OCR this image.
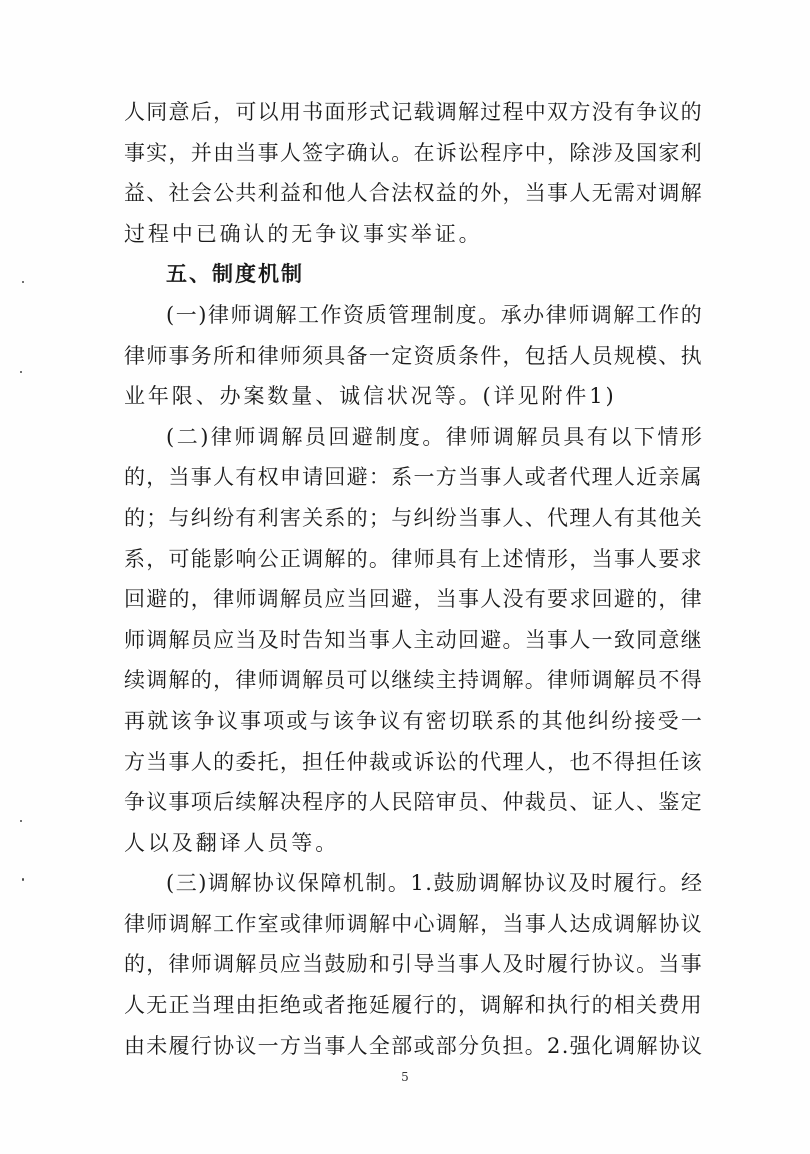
人 同 意 后 ， 可 以 用 书 面 形 式 记 载 调 解 过 程 中 双 方 没 有 争 议 的
事 实 ， 并 由 当 事 人 签 字 确 认 。 在 诉 讼 程 序 中 ， 除 涉 及 国 家 利
益 、 社 会 公 共 利 益 和 他 人 合 法 权 益 的 外 ， 当 事 人 无 需 对 调 解
过程中已确认的无争议事实举证。
五、制度机制
( 一 ) 律 师 调 解 工 作 资 质 管 理 制 度 。 承 办 律 师 调 解 工 作 的
律 师 事 务 所 和 律 师 须 具 备 一 定 资 质 条 件 ， 包 括 人 员 规 模 、 执
业年限、办案数量、诚信状况等。(详见附件1)
( 二 ) 律 师 调 解 员 回 避 制 度 。 律 师 调 解 员 具 有 以 下 情 形
的 ， 当 事 人 有 权 申 请 回 避 ： 系 一 方 当 事 人 或 者 代 理 人 近 亲 属
的 ； 与 纠 纷 有 利 害 关 系 的 ； 与 纠 纷 当 事 人 、 代 理 人 有 其 他 关
系 ， 可 能 影 响 公 正 调 解 的 。 律 师 具 有 上 述 情 形 ， 当 事 人 要 求
回 避 的 ， 律 师 调 解 员 应 当 回 避 ， 当 事 人 没 有 要 求 回 避 的 ， 律
师 调 解 员 应 当 及 时 告 知 当 事 人 主 动 回 避 。 当 事 人 一 致 同 意 继
续 调 解 的 ， 律 师 调 解 员 可 以 继 续 主 持 调 解 。 律 师 调 解 员 不 得
再 就 该 争 议 事 项 或 与 该 争 议 有 密 切 联 系 的 其 他 纠 纷 接 受 一
方 当 事 人 的 委 托 ， 担 任 仲 裁 或 诉 讼 的 代 理 人 ， 也 不 得 担 任 该
争 议 事 项 后 续 解 决 程 序 的 人 民 陪 审 员 、 仲 裁 员 、 证 人 、 鉴 定
人以及翻译人员等。
( 三 ) 调 解 协 议 保 障 机 制 。 1 . 鼓 励 调 解 协 议 及 时 履 行 。 经
律 师 调 解 工 作 室 或 律 师 调 解 中 心 调 解 ， 当 事 人 达 成 调 解 协 议
的 ， 律 师 调 解 员 应 当 鼓 励 和 引 导 当 事 人 及 时 履 行 协 议 。 当 事
人 无 正 当 理 由 拒 绝 或 者 拖 延 履 行 的 ， 调 解 和 执 行 的 相 关 费 用
由 未 履 行 协 议 一 方 当 事 人 全 部 或 部 分 负 担 。 2 . 强 化 调 解 协 议
5
